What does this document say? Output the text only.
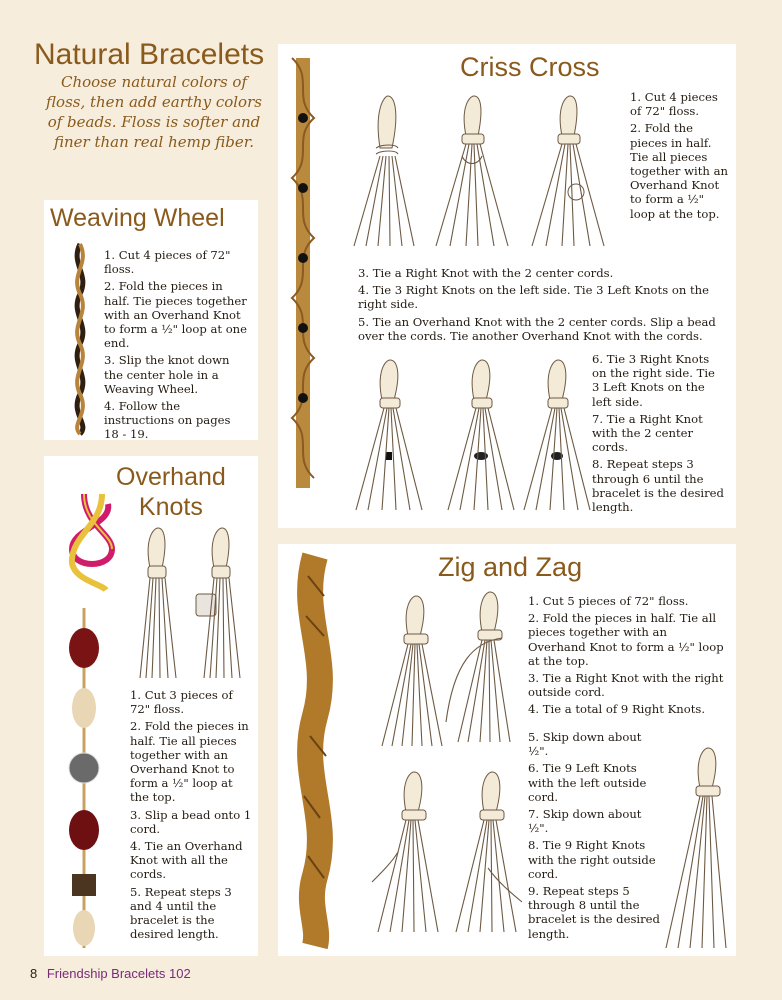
Natural Bracelets
Choose natural colors of floss, then add earthy colors of beads. Floss is softer and finer than real hemp fiber.
Weaving Wheel

1. Cut 4 pieces of 72" floss.

2. Fold the pieces in half. Tie pieces together with an Overhand Knot to form a ½" loop at one end.

3. Slip the knot down the center hole in a Weaving Wheel.

4. Follow the instructions on pages 18 - 19.

Overhand
Knots

1. Cut 3 pieces of 72" floss.

2. Fold the pieces in half. Tie all pieces together with an Overhand Knot to form a ½" loop at the top.

3. Slip a bead onto 1 cord.

4. Tie an Overhand Knot with all the cords.

5. Repeat steps 3 and 4 until the bracelet is the desired length.

Criss Cross

1. Cut 4 pieces of 72" floss.

2. Fold the pieces in half. Tie all pieces together with an Overhand Knot to form a ½" loop at the top.

3. Tie a Right Knot with the 2 center cords.

4. Tie 3 Right Knots on the left side. Tie 3 Left Knots on the right side.

5. Tie an Overhand Knot with the 2 center cords. Slip a bead over the cords. Tie another Overhand Knot with the cords.

6. Tie 3 Right Knots on the right side. Tie 3 Left Knots on the left side.

7. Tie a Right Knot with the 2 center cords.

8. Repeat steps 3 through 6 until the bracelet is the desired length.

Zig and Zag

1. Cut 5 pieces of 72" floss.

2. Fold the pieces in half. Tie all pieces together with an Overhand Knot to form a ½" loop at the top.

3. Tie a Right Knot with the right outside cord.

4. Tie a total of 9 Right Knots.

5. Skip down about ½".

6. Tie 9 Left Knots with the left outside cord.

7. Skip down about ½".

8. Tie 9 Right Knots with the right outside cord.

9. Repeat steps 5 through 8 until the bracelet is the desired length.

8 Friendship Bracelets 102
